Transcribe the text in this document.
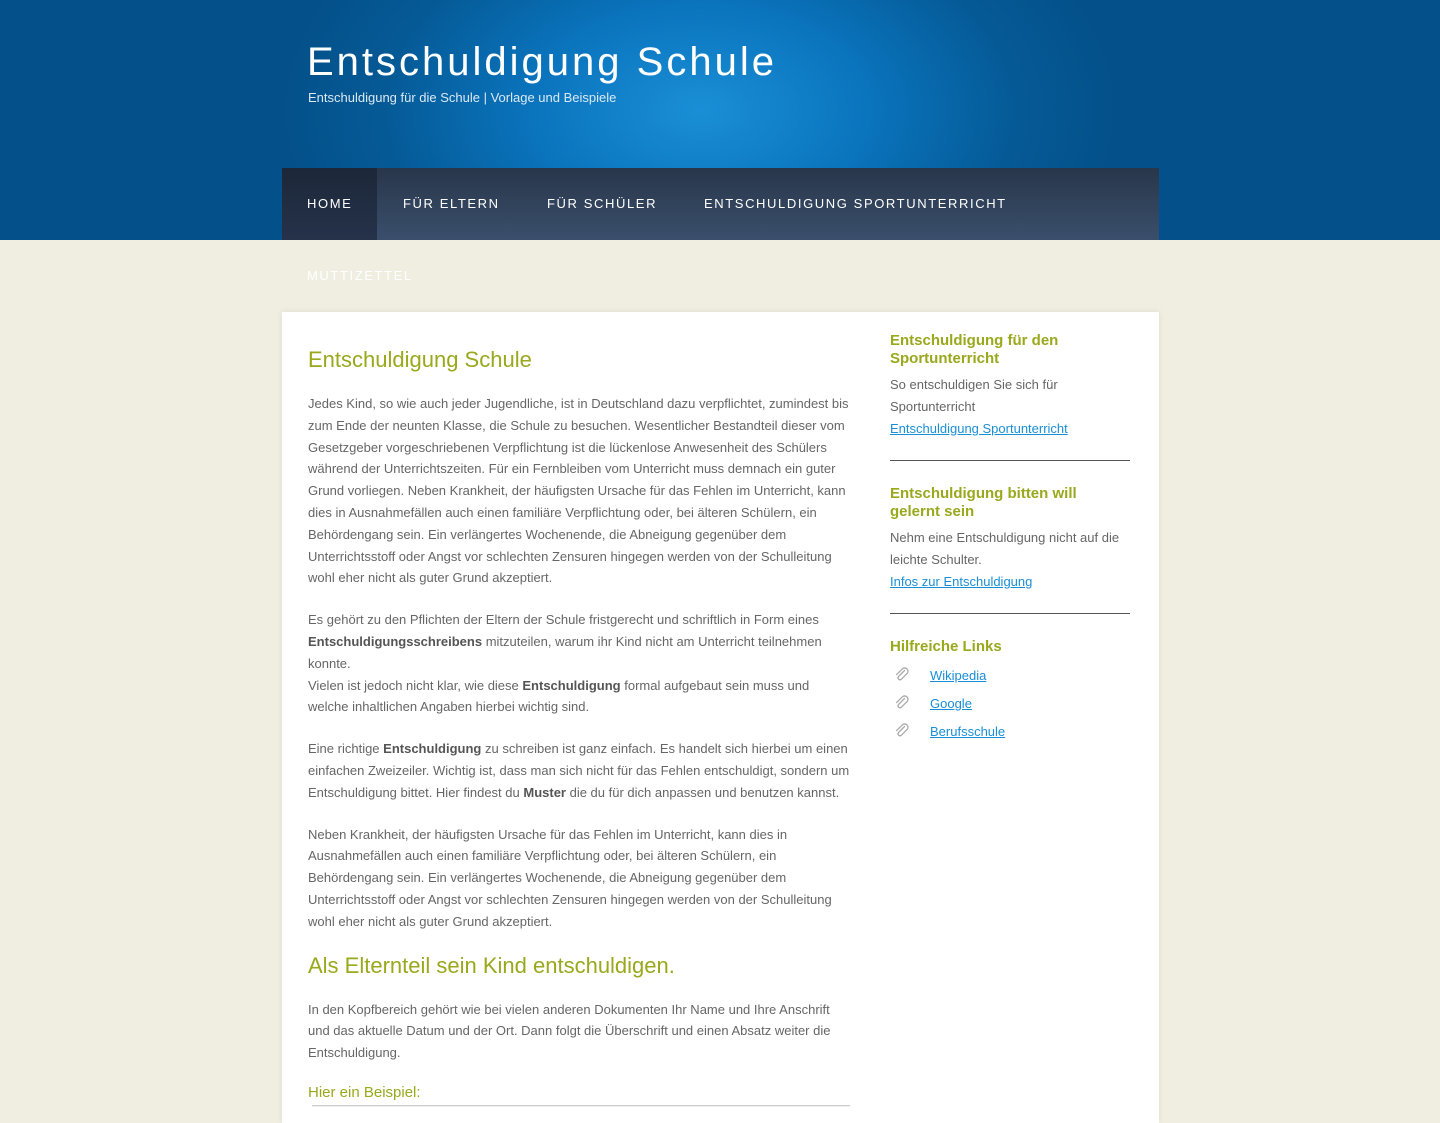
Entschuldigung Schule
Entschuldigung für die Schule | Vorlage und Beispiele
HOME	FÜR ELTERN	FÜR SCHÜLER	ENTSCHULDIGUNG SPORTUNTERRICHT
MUTTIZETTEL
Entschuldigung Schule

Jedes Kind, so wie auch jeder Jugendliche, ist in Deutschland dazu verpflichtet, zumindest bis zum Ende der neunten Klasse, die Schule zu besuchen. Wesentlicher Bestandteil dieser vom Gesetzgeber vorgeschriebenen Verpflichtung ist die lückenlose Anwesenheit des Schülers während der Unterrichtszeiten. Für ein Fernbleiben vom Unterricht muss demnach ein guter Grund vorliegen. Neben Krankheit, der häufigsten Ursache für das Fehlen im Unterricht, kann dies in Ausnahmefällen auch einen familiäre Verpflichtung oder, bei älteren Schülern, ein Behördengang sein. Ein verlängertes Wochenende, die Abneigung gegenüber dem Unterrichtsstoff oder Angst vor schlechten Zensuren hingegen werden von der Schulleitung wohl eher nicht als guter Grund akzeptiert.

Es gehört zu den Pflichten der Eltern der Schule fristgerecht und schriftlich in Form eines Entschuldigungsschreibens mitzuteilen, warum ihr Kind nicht am Unterricht teilnehmen konnte.
Vielen ist jedoch nicht klar, wie diese Entschuldigung formal aufgebaut sein muss und welche inhaltlichen Angaben hierbei wichtig sind.

Eine richtige Entschuldigung zu schreiben ist ganz einfach. Es handelt sich hierbei um einen einfachen Zweizeiler. Wichtig ist, dass man sich nicht für das Fehlen entschuldigt, sondern um Entschuldigung bittet. Hier findest du Muster die du für dich anpassen und benutzen kannst.

Neben Krankheit, der häufigsten Ursache für das Fehlen im Unterricht, kann dies in Ausnahmefällen auch einen familiäre Verpflichtung oder, bei älteren Schülern, ein Behördengang sein. Ein verlängertes Wochenende, die Abneigung gegenüber dem Unterrichtsstoff oder Angst vor schlechten Zensuren hingegen werden von der Schulleitung wohl eher nicht als guter Grund akzeptiert.

Als Elternteil sein Kind entschuldigen.

In den Kopfbereich gehört wie bei vielen anderen Dokumenten Ihr Name und Ihre Anschrift und das aktuelle Datum und der Ort. Dann folgt die Überschrift und einen Absatz weiter die Entschuldigung.

Hier ein Beispiel:
Entschuldigung für den Sportunterricht

So entschuldigen Sie sich für Sportunterricht

Entschuldigung Sportunterricht
Entschuldigung bitten will gelernt sein

Nehm eine Entschuldigung nicht auf die leichte Schulter.

Infos zur Entschuldigung
Hilfreiche Links
Wikipedia
Google
Berufsschule
